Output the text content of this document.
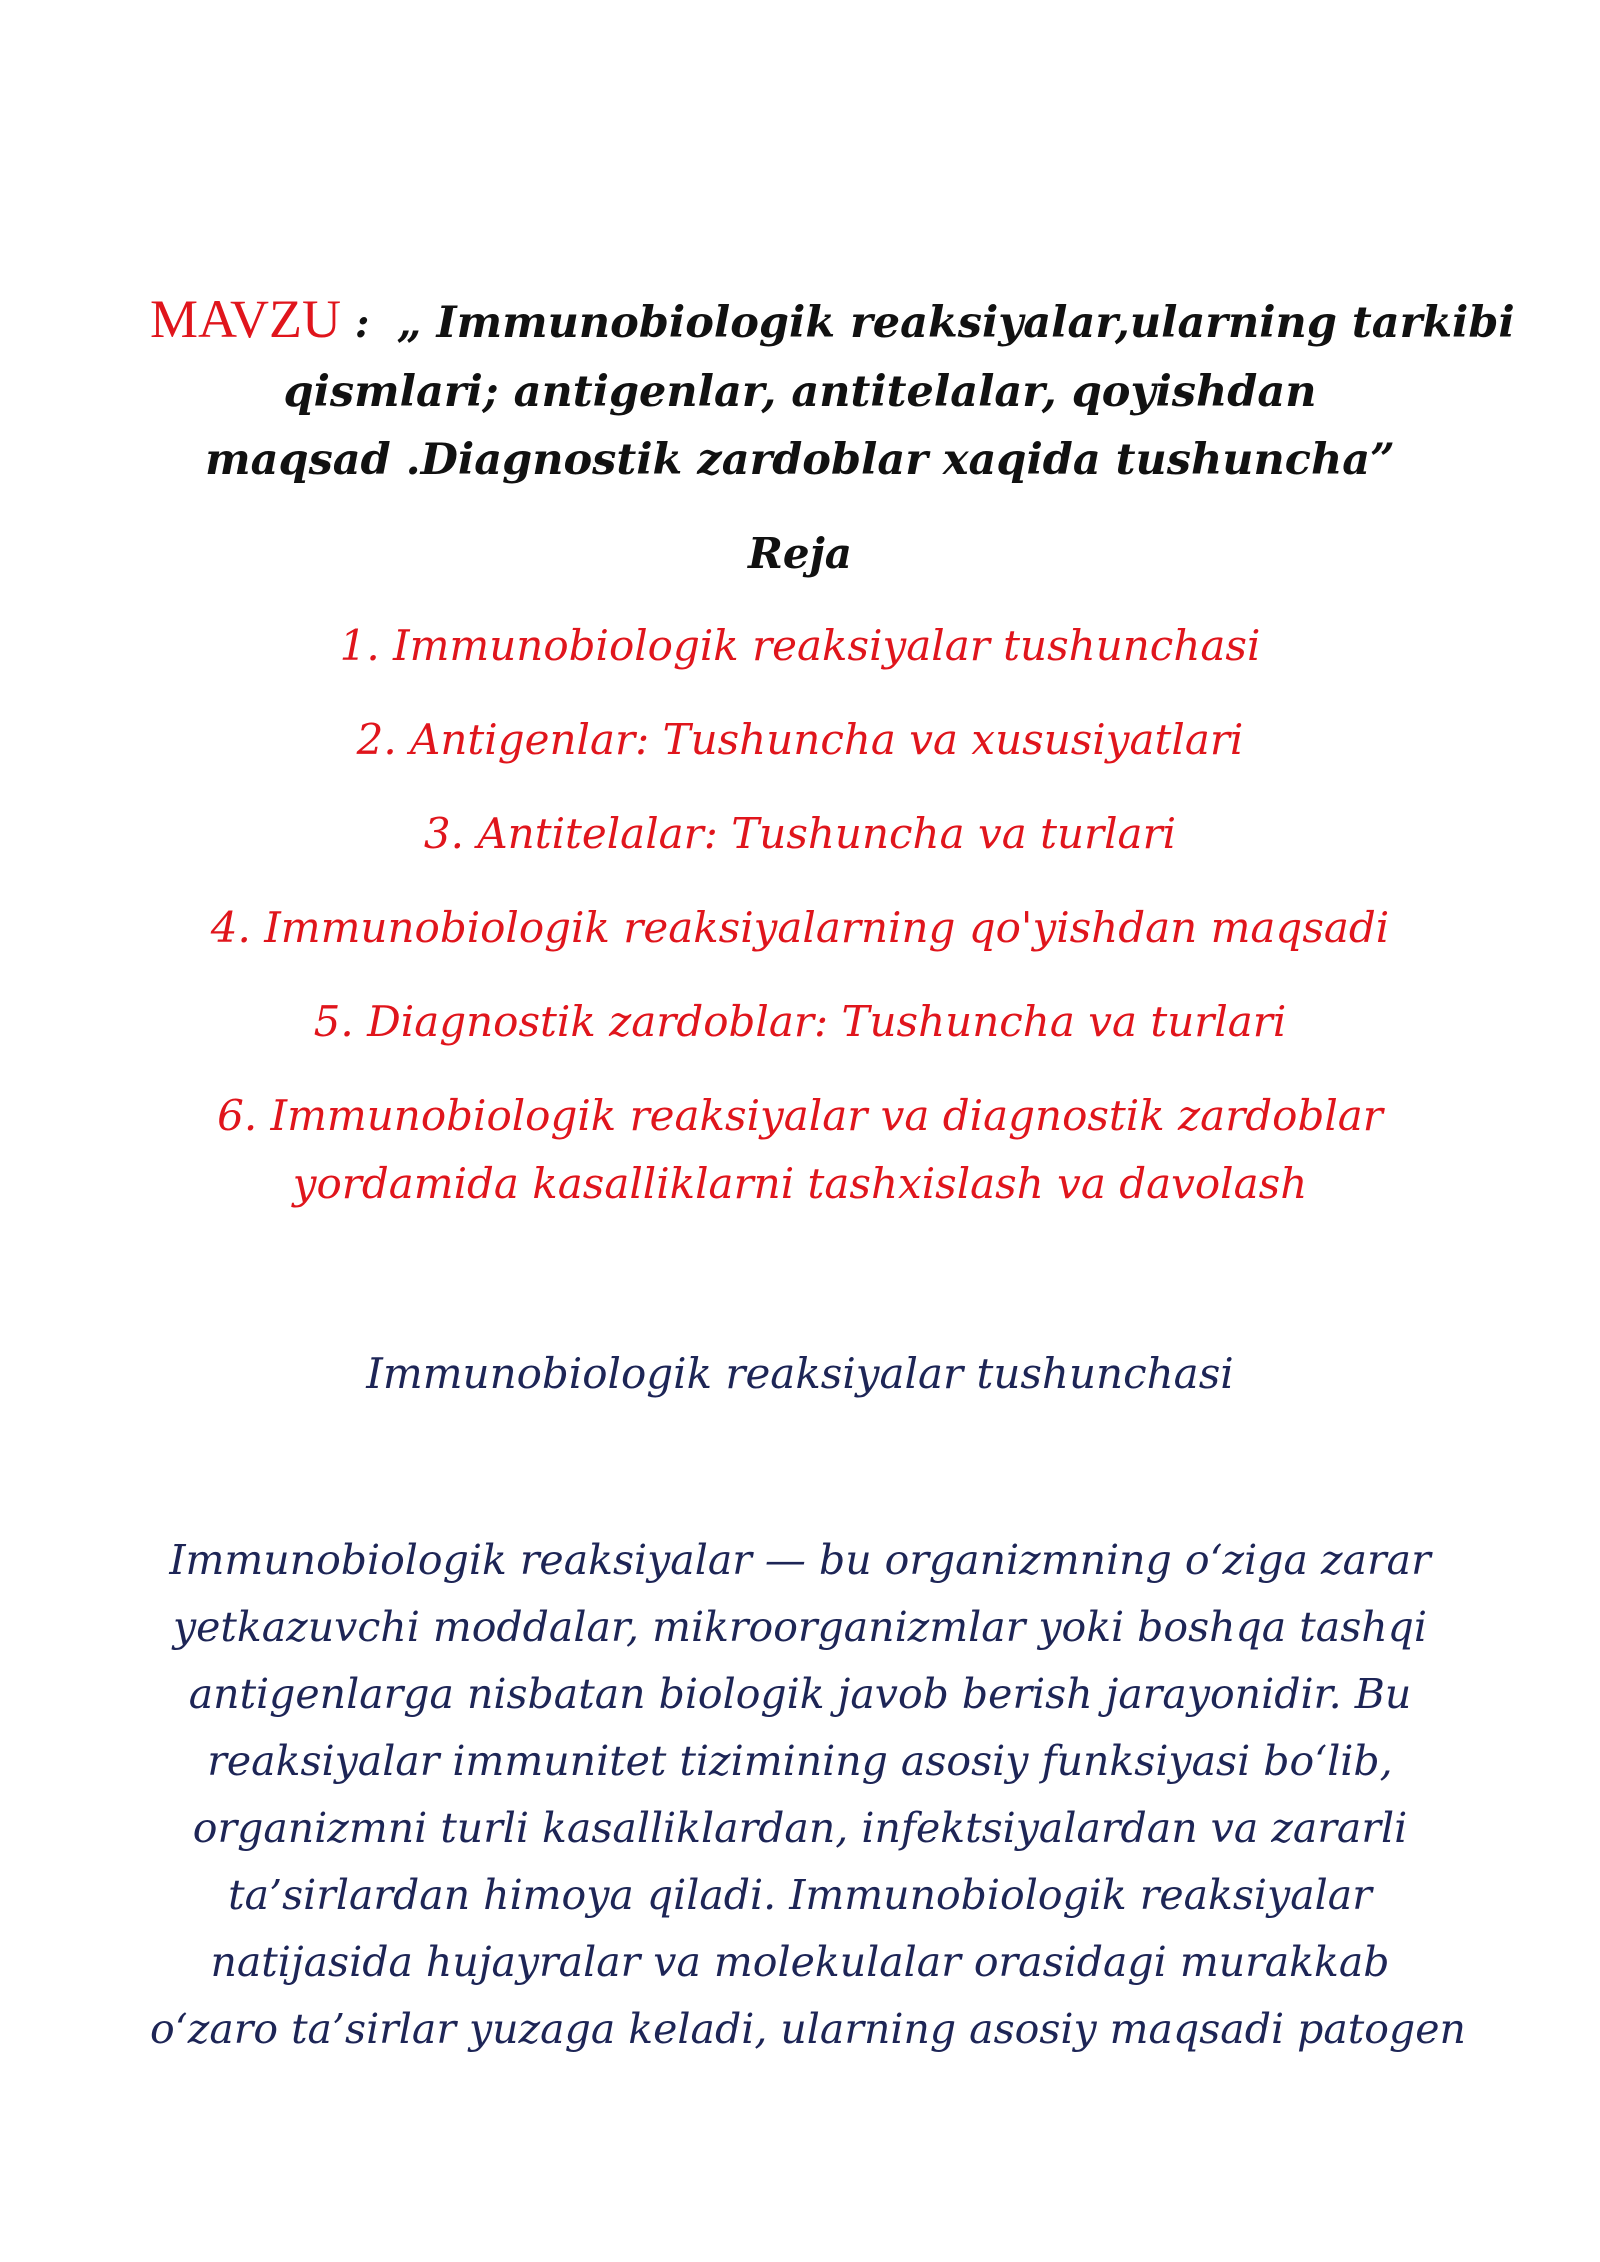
MAVZU : „ Immunobiologik reaksiyalar,ularning tarkibi
qismlari; antigenlar, antitelalar, qoyishdan
maqsad .Diagnostik zardoblar xaqida tushuncha”
Reja
1. Immunobiologik reaksiyalar tushunchasi
2. Antigenlar: Tushuncha va xususiyatlari
3. Antitelalar: Tushuncha va turlari
4. Immunobiologik reaksiyalarning qo'yishdan maqsadi
5. Diagnostik zardoblar: Tushuncha va turlari
6. Immunobiologik reaksiyalar va diagnostik zardoblar
yordamida kasalliklarni tashxislash va davolash
Immunobiologik reaksiyalar tushunchasi

Immunobiologik reaksiyalar — bu organizmning o‘ziga zarar
yetkazuvchi moddalar, mikroorganizmlar yoki boshqa tashqi
antigenlarga nisbatan biologik javob berish jarayonidir. Bu
reaksiyalar immunitet tizimining asosiy funksiyasi bo‘lib,
organizmni turli kasalliklardan, infektsiyalardan va zararli
ta’sirlardan himoya qiladi. Immunobiologik reaksiyalar
natijasida hujayralar va molekulalar orasidagi murakkab
o‘zaro ta’sirlar yuzaga keladi, ularning asosiy maqsadi patogen
